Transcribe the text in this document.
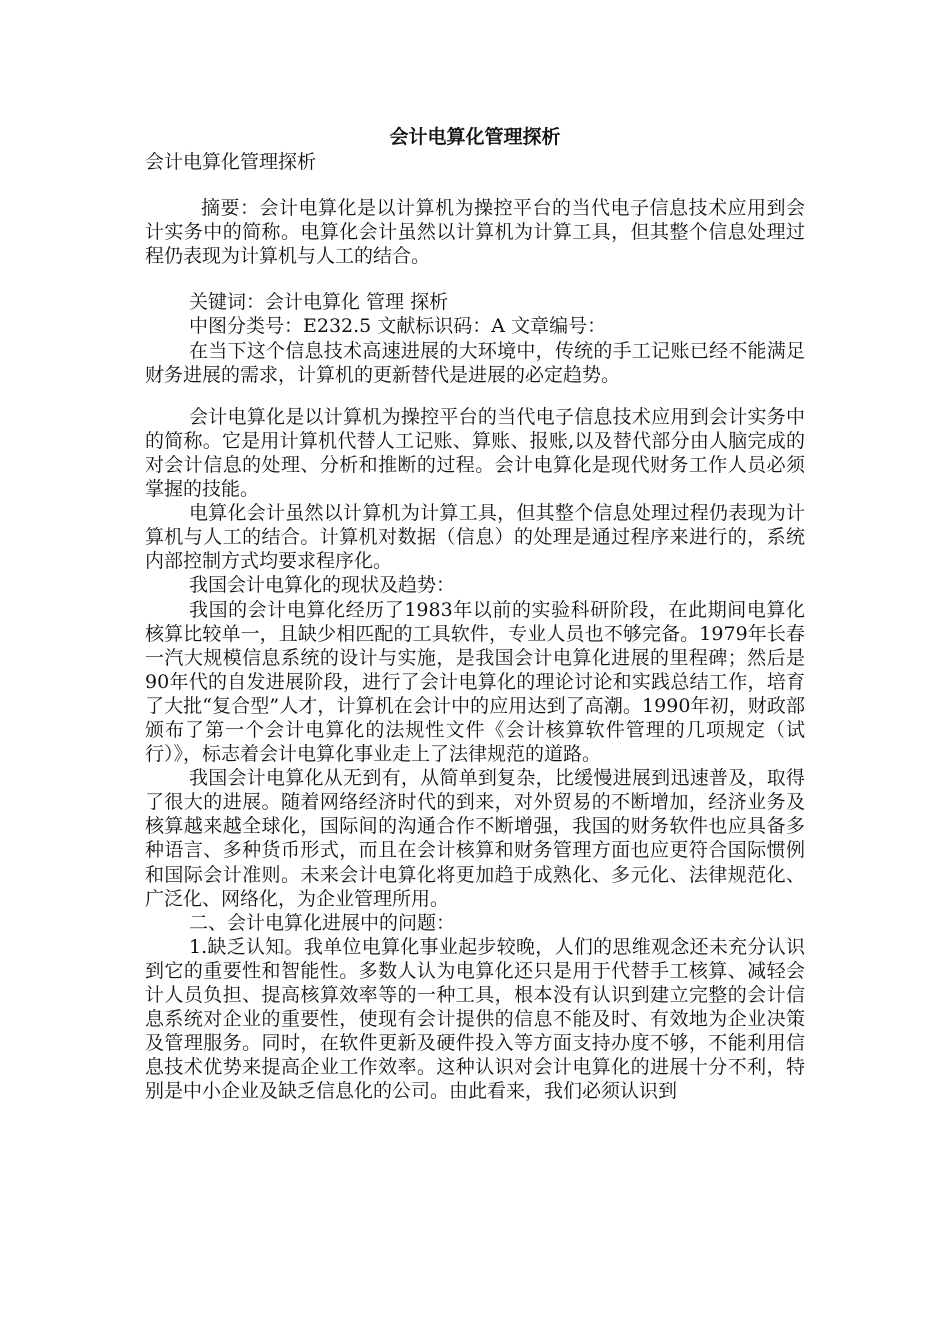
会计电算化管理探析

会计电算化管理探析

摘要：会计电算化是以计算机为操控平台的当代电子信息技术应用到会计实务中的简称。电算化会计虽然以计算机为计算工具，但其整个信息处理过程仍表现为计算机与人工的结合。

关键词：会计电算化 管理 探析

中图分类号：E232.5 文献标识码：A 文章编号：

在当下这个信息技术高速进展的大环境中，传统的手工记账已经不能满足财务进展的需求，计算机的更新替代是进展的必定趋势。

会计电算化是以计算机为操控平台的当代电子信息技术应用到会计实务中的简称。它是用计算机代替人工记账、算账、报账,以及替代部分由人脑完成的对会计信息的处理、分析和推断的过程。会计电算化是现代财务工作人员必须掌握的技能。

电算化会计虽然以计算机为计算工具，但其整个信息处理过程仍表现为计算机与人工的结合。计算机对数据（信息）的处理是通过程序来进行的，系统内部控制方式均要求程序化。

我国会计电算化的现状及趋势：

我国的会计电算化经历了1983年以前的实验科研阶段，在此期间电算化核算比较单一，且缺少相匹配的工具软件，专业人员也不够完备。1979年长春一汽大规模信息系统的设计与实施，是我国会计电算化进展的里程碑；然后是90年代的自发进展阶段，进行了会计电算化的理论讨论和实践总结工作，培育了大批“复合型”人才，计算机在会计中的应用达到了高潮。1990年初，财政部颁布了第一个会计电算化的法规性文件《会计核算软件管理的几项规定（试行）》，标志着会计电算化事业走上了法律规范的道路。

我国会计电算化从无到有，从简单到复杂，比缓慢进展到迅速普及，取得了很大的进展。随着网络经济时代的到来，对外贸易的不断增加，经济业务及核算越来越全球化，国际间的沟通合作不断增强，我国的财务软件也应具备多种语言、多种货币形式，而且在会计核算和财务管理方面也应更符合国际惯例和国际会计准则。未来会计电算化将更加趋于成熟化、多元化、法律规范化、广泛化、网络化，为企业管理所用。

二、会计电算化进展中的问题：

1.缺乏认知。我单位电算化事业起步较晚，人们的思维观念还未充分认识到它的重要性和智能性。多数人认为电算化还只是用于代替手工核算、减轻会计人员负担、提高核算效率等的一种工具，根本没有认识到建立完整的会计信息系统对企业的重要性，使现有会计提供的信息不能及时、有效地为企业决策及管理服务。同时，在软件更新及硬件投入等方面支持办度不够，不能利用信息技术优势来提高企业工作效率。这种认识对会计电算化的进展十分不利，特别是中小企业及缺乏信息化的公司。由此看来，我们必须认识到
